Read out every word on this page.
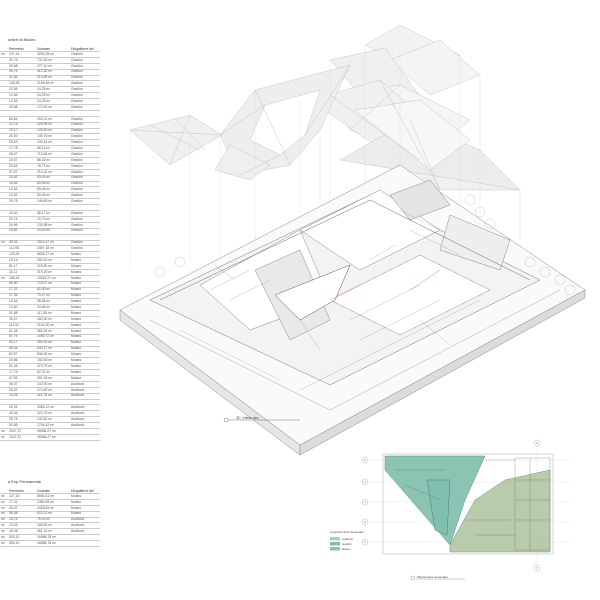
onfort al Museo
	Perímetro	Volumen	Dirigaliterre del
m²	107,41	3292,05 m³	Gestión
	31,73	737,45 m³	Gestión
	49,68	277,10 m³	Gestión
	39,73	412,30 m³	Gestión
	21,64	213,89 m³	Gestión
	136,95	2169,45 m³	Gestión
	12,65	24,29 m³	Gestión
	12,65	24,29 m³	Gestión
	12,65	24,29 m³	Gestión
	49,88	172,40 m³	Gestión

	63,64	290,01 m³	Gestión
	32,14	225,98 m³	Gestión
	29,17	125,50 m³	Gestión
	20,50	149,75 m³	Gestión
	25,63	134,44 m³	Gestión
	17,78	68,14 m³	Gestión
	49,07	713,84 m³	Gestión
	15,57	86,02 m³	Gestión
	20,64	78,73 m³	Gestión
	37,57	210,42 m³	Gestión
	10,62	53,49 m³	Gestión
	10,54	63,06 m³	Gestión
	10,62	69,49 m³	Gestión
	10,62	69,49 m³	Gestión
	29,78	146,60 m³	Gestión

	15,40	68,17 m³	Gestión
	20,74	20,73 m³	Gestión
	24,96	130,98 m³	Gestión
	15,82	43,42 m³	Gestión

m²	49,04	1514,47 m³	Gestión
	111,95	2467,15 m³	Gestión
	126,93	6826,27 m³	Museo
	20,14	180,20 m³	Museo
	81,17	223,81 m³	Museo
	42,11	219,20 m³	Museo
m²	168,24	12616,21 m³	Museo
	96,80	723,07 m³	Museo
	17,22	62,40 m³	Museo
	17,05	73,27 m³	Museo
	15,54	58,58 m³	Museo
	12,60	34,56 m³	Museo
	21,68	117,85 m³	Museo
	30,27	150,30 m³	Museo
	112,51	2101,00 m³	Museo
	41,28	380,34 m³	Museo
	67,76	1059,72 m³	Museo
	42,17	264,30 m³	Museo
	59,44	540,17 m³	Museo
	62,57	636,30 m³	Museo
	20,66	182,53 m³	Museo
	51,46	473,79 m³	Museo
	17,79	62,37 m³	Museo
	47,06	391,09 m³	Museo
	46,07	143,90 m³	Auditorio
	20,02	174,60 m³	Auditorio
	24,28	114,70 m³	Auditorio

	60,31	3455,12 m³	Auditorio
	40,04	424,73 m³	Auditorio
	25,75	144,52 m³	Auditorio
	92,68	1704,42 m³	Auditorio
m²	2047,37	49066,27 m³	
m²	2047,37	49066,27 m³	
a Exp Permanente
	Perímetro	Volumen	Dirigaliterre del
m²	127,18	8591,61 m³	Museo
m²	17,31	1360,69 m³	Museo
m²	40,37	4328,83 m³	Museo
m²	58,08	523,12 m³	Museo
m²	15,78	75,40 m³	Auditorio
m²	23,05	155,50 m³	Auditorio
m²	45,08	461,15 m³	Auditorio
m²	533,10	16558,78 m³	
m²	533,10	16558,78 m³	
3D_Vistas axo
1
2
3
4
5
6
7
Leyenda Usos Generales
Auditorio
Gestión
Museo
Planta Usos Generales
